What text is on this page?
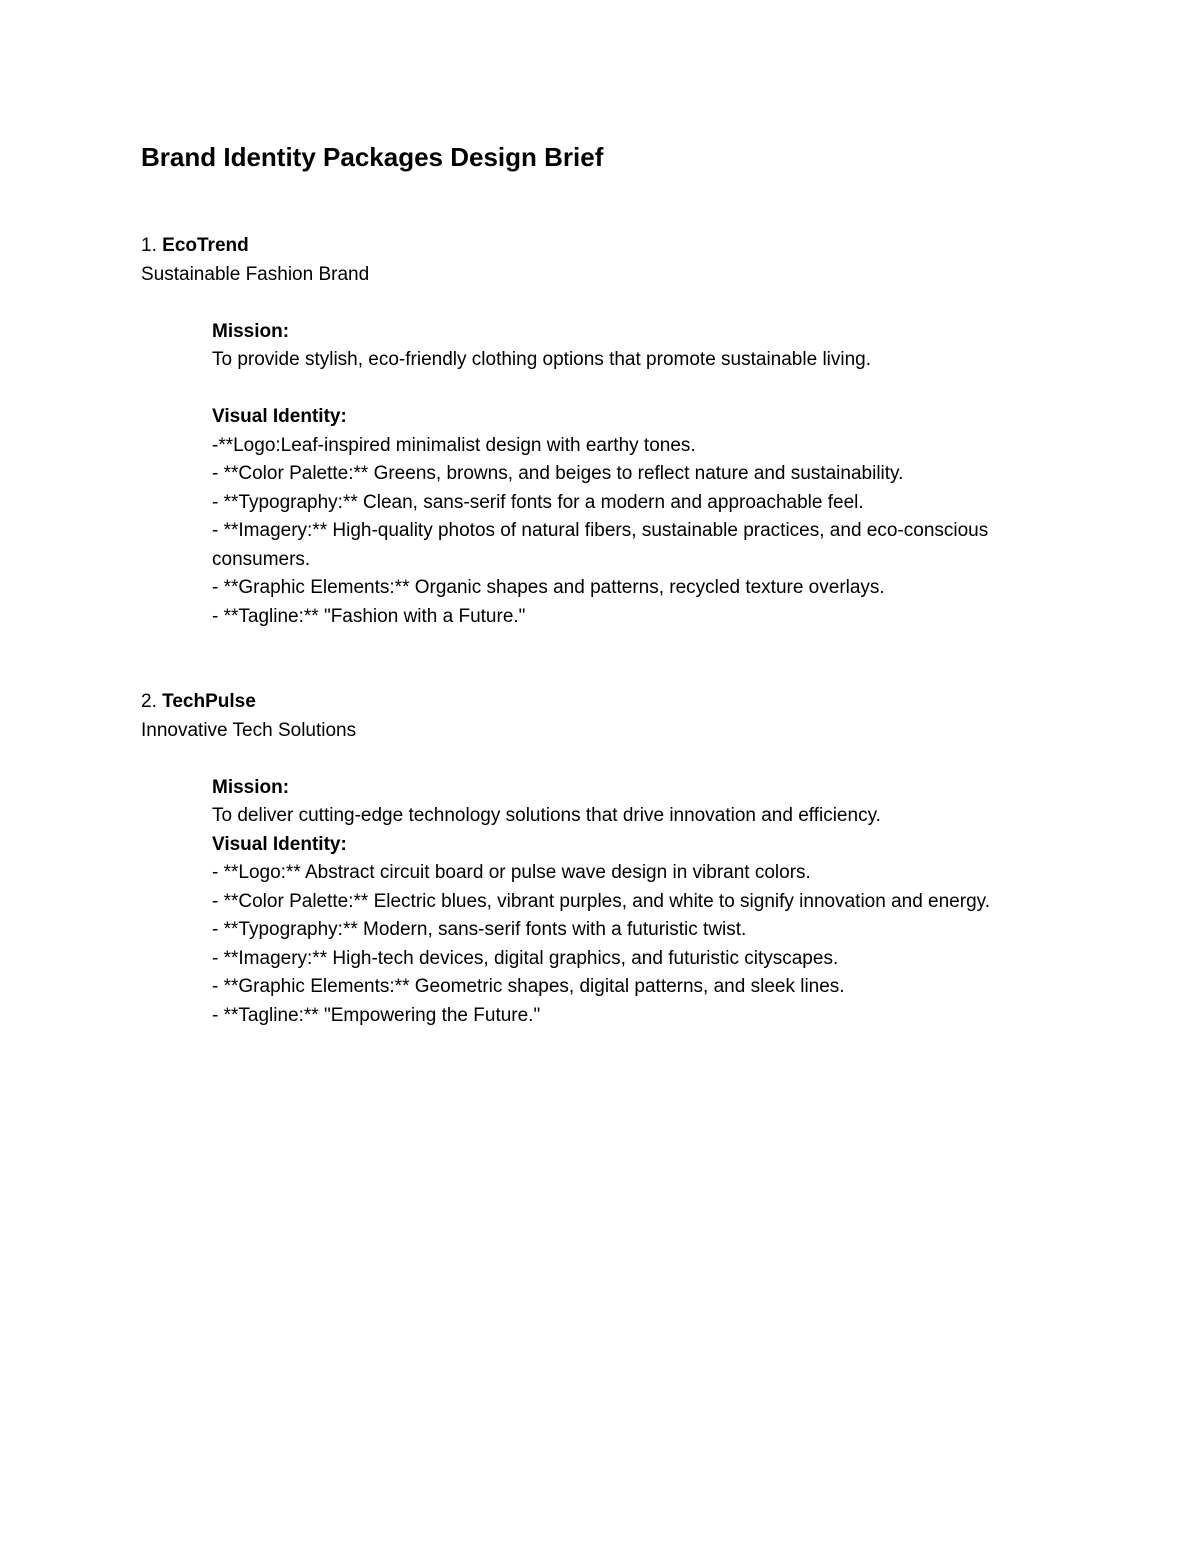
Brand Identity Packages Design Brief
1. EcoTrend
Sustainable Fashion Brand
Mission:
To provide stylish, eco-friendly clothing options that promote sustainable living.
Visual Identity:
-**Logo:Leaf-inspired minimalist design with earthy tones.
- **Color Palette:** Greens, browns, and beiges to reflect nature and sustainability.
- **Typography:** Clean, sans-serif fonts for a modern and approachable feel.
- **Imagery:** High-quality photos of natural fibers, sustainable practices, and eco-conscious consumers.
- **Graphic Elements:** Organic shapes and patterns, recycled texture overlays.
- **Tagline:** "Fashion with a Future."
2. TechPulse
Innovative Tech Solutions
Mission:
To deliver cutting-edge technology solutions that drive innovation and efficiency.
Visual Identity:
- **Logo:** Abstract circuit board or pulse wave design in vibrant colors.
- **Color Palette:** Electric blues, vibrant purples, and white to signify innovation and energy.
- **Typography:** Modern, sans-serif fonts with a futuristic twist.
- **Imagery:** High-tech devices, digital graphics, and futuristic cityscapes.
- **Graphic Elements:** Geometric shapes, digital patterns, and sleek lines.
- **Tagline:** "Empowering the Future."
